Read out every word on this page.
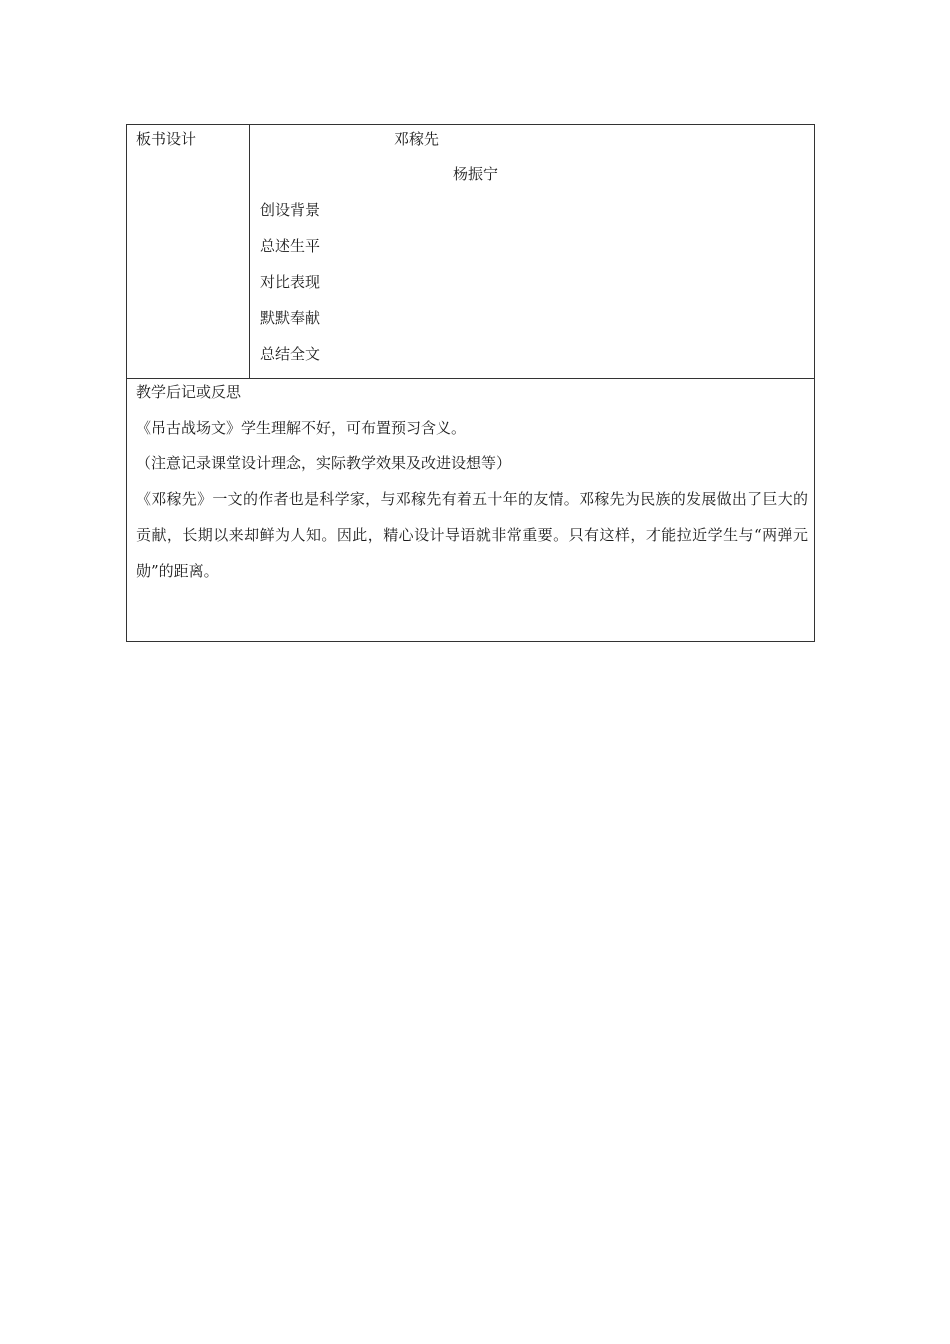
板书设计	邓稼先
杨振宁
创设背景
总述生平
对比表现
默默奉献
总结全文
教学后记或反思
《吊古战场文》学生理解不好，可布置预习含义。
（注意记录课堂设计理念，实际教学效果及改进设想等）
《邓稼先》一文的作者也是科学家，与邓稼先有着五十年的友情。邓稼先为民族的发展做出了巨大的贡献，长期以来却鲜为人知。因此，精心设计导语就非常重要。只有这样，才能拉近学生与“两弹元勋”的距离。
